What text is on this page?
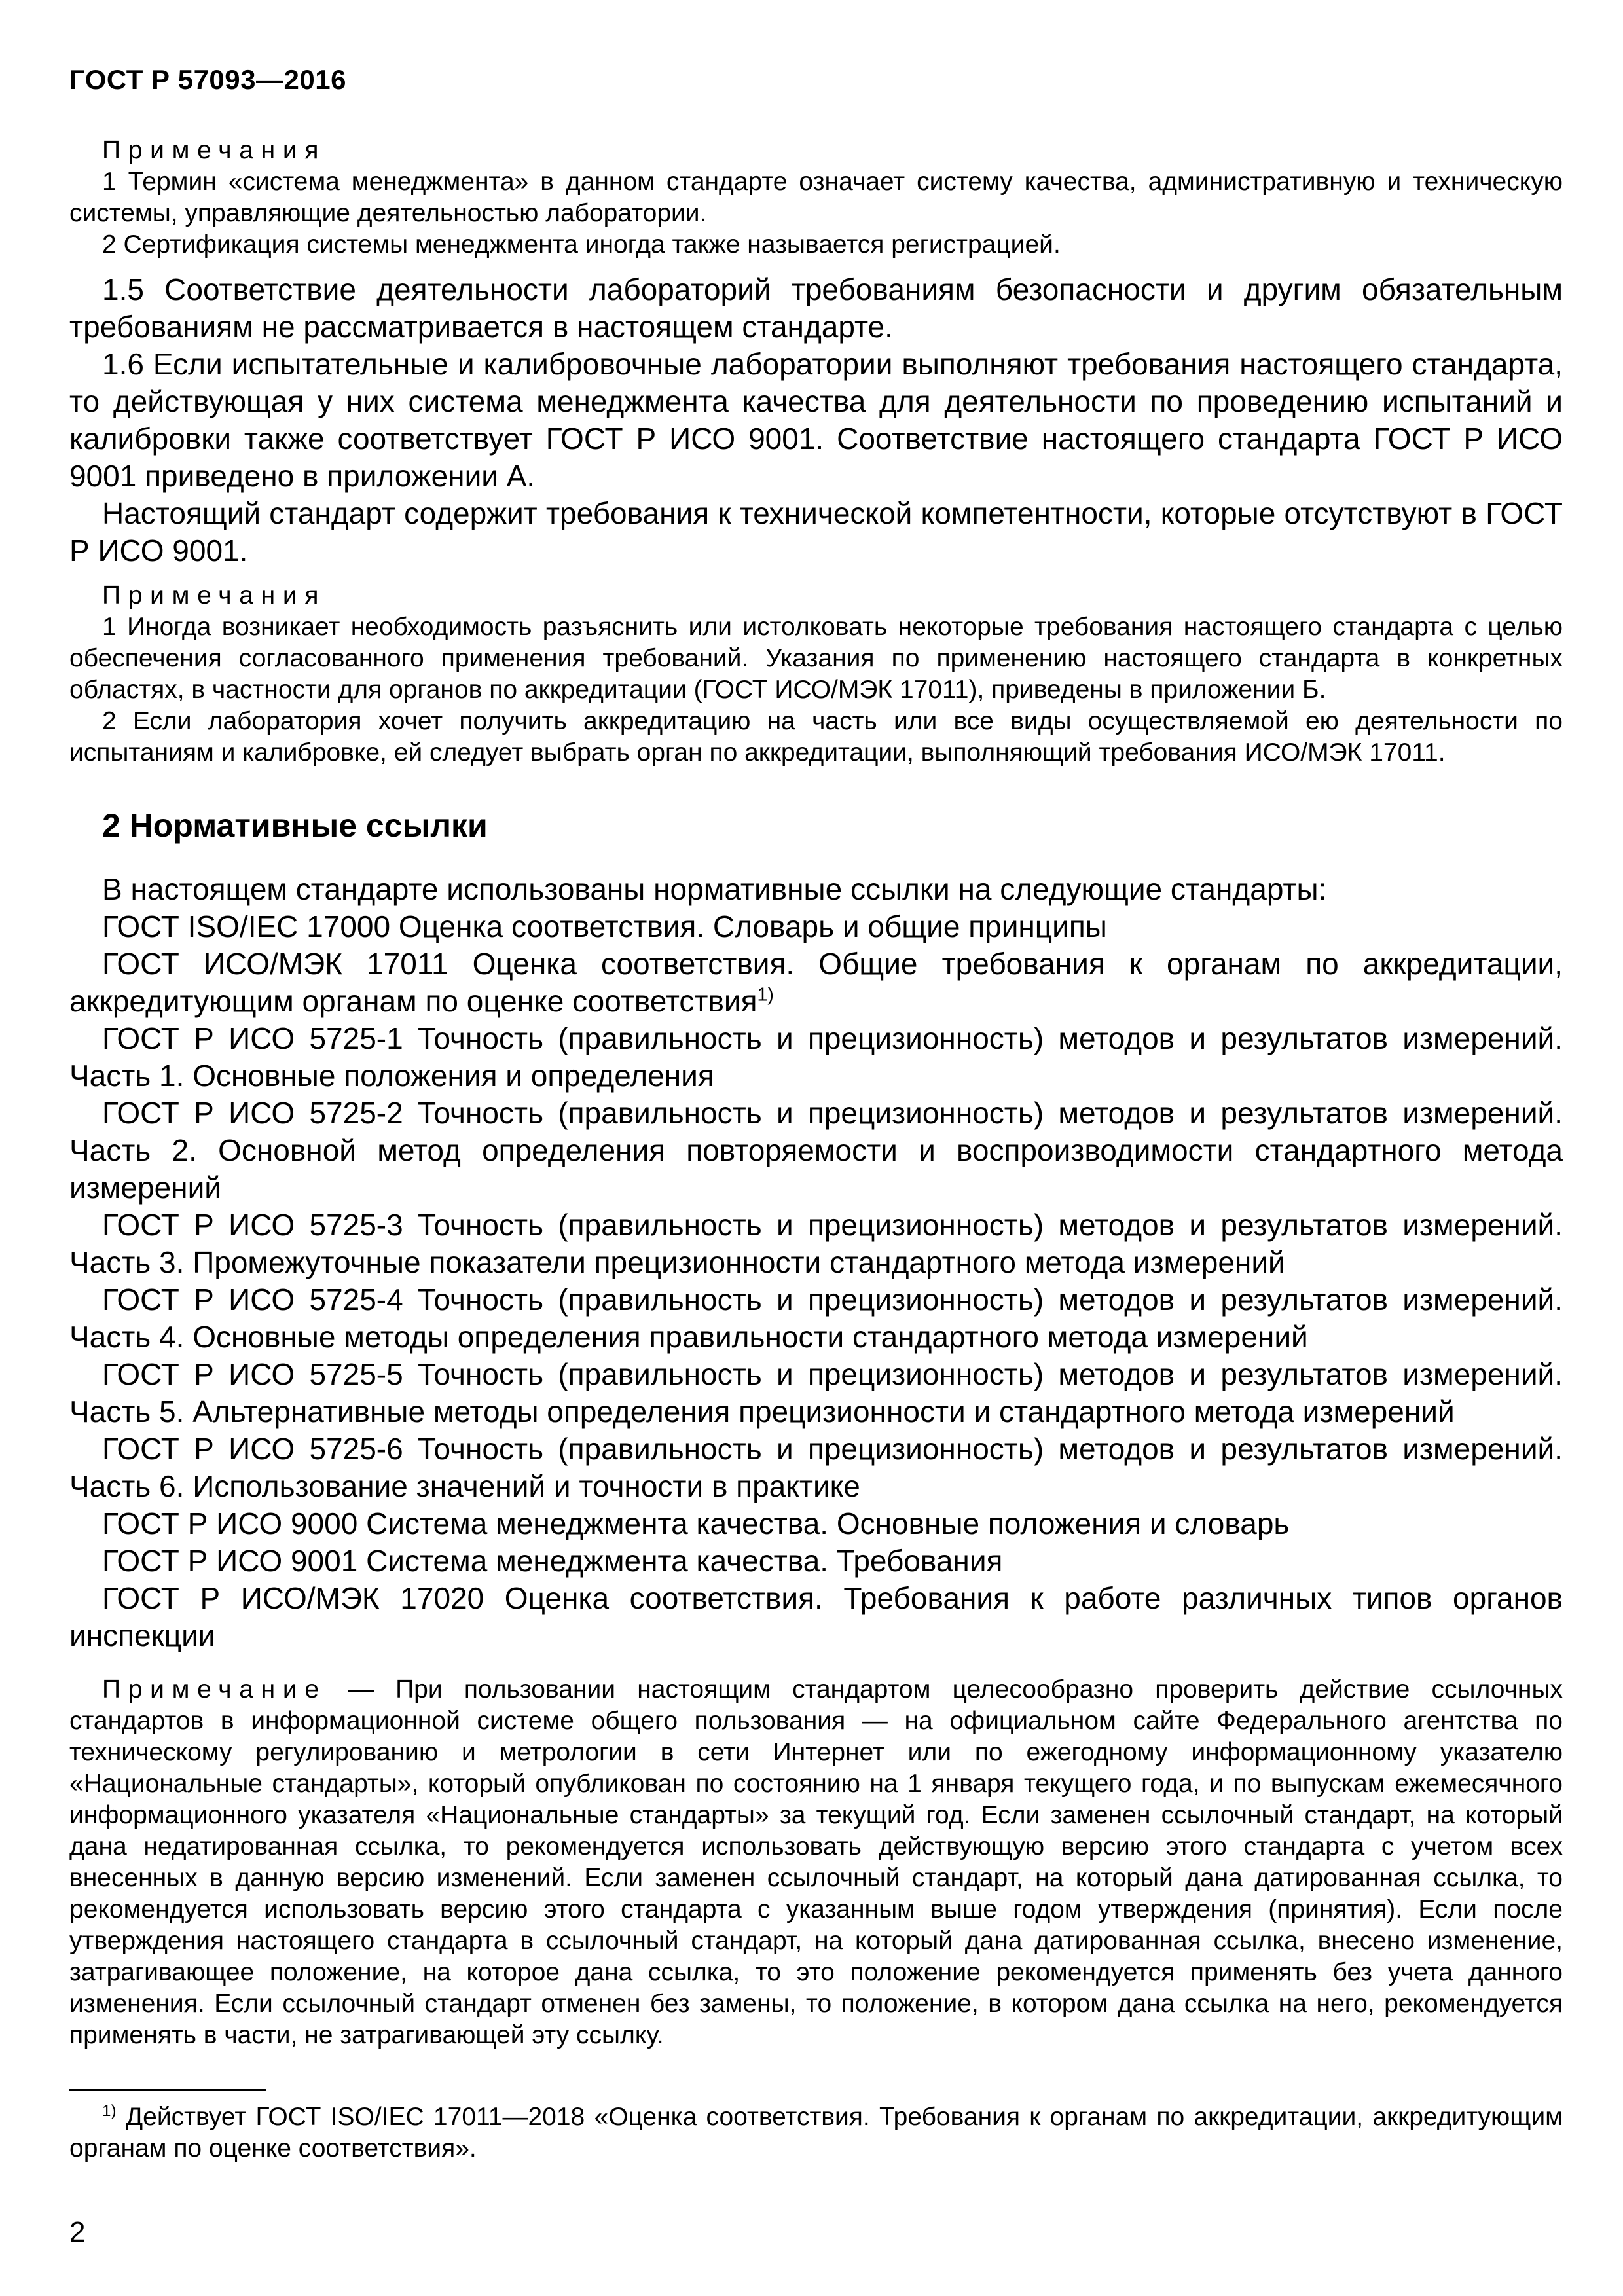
ГОСТ Р 57093—2016

Примечания

1 Термин «система менеджмента» в данном стандарте означает систему качества, административную и техническую системы, управляющие деятельностью лаборатории.

2 Сертификация системы менеджмента иногда также называется регистрацией.

1.5 Соответствие деятельности лабораторий требованиям безопасности и другим обязательным требованиям не рассматривается в настоящем стандарте.

1.6 Если испытательные и калибровочные лаборатории выполняют требования настоящего стандарта, то действующая у них система менеджмента качества для деятельности по проведению испытаний и калибровки также соответствует ГОСТ Р ИСО 9001. Соответствие настоящего стандарта ГОСТ Р ИСО 9001 приведено в приложении А.

Настоящий стандарт содержит требования к технической компетентности, которые отсутствуют в ГОСТ Р ИСО 9001.

Примечания

1 Иногда возникает необходимость разъяснить или истолковать некоторые требования настоящего стандарта с целью обеспечения согласованного применения требований. Указания по применению настоящего стандарта в конкретных областях, в частности для органов по аккредитации (ГОСТ ИСО/МЭК 17011), приведены в приложении Б.

2 Если лаборатория хочет получить аккредитацию на часть или все виды осуществляемой ею деятельности по испытаниям и калибровке, ей следует выбрать орган по аккредитации, выполняющий требования ИСО/МЭК 17011.

2 Нормативные ссылки

В настоящем стандарте использованы нормативные ссылки на следующие стандарты:

ГОСТ ISO/IEC 17000 Оценка соответствия. Словарь и общие принципы

ГОСТ ИСО/МЭК 17011 Оценка соответствия. Общие требования к органам по аккредитации, аккредитующим органам по оценке соответствия$^{1)}$

ГОСТ Р ИСО 5725-1 Точность (правильность и прецизионность) методов и результатов измерений. Часть 1. Основные положения и определения

ГОСТ Р ИСО 5725-2 Точность (правильность и прецизионность) методов и результатов измерений. Часть 2. Основной метод определения повторяемости и воспроизводимости стандартного метода измерений

ГОСТ Р ИСО 5725-3 Точность (правильность и прецизионность) методов и результатов измерений. Часть 3. Промежуточные показатели прецизионности стандартного метода измерений

ГОСТ Р ИСО 5725-4 Точность (правильность и прецизионность) методов и результатов измерений. Часть 4. Основные методы определения правильности стандартного метода измерений

ГОСТ Р ИСО 5725-5 Точность (правильность и прецизионность) методов и результатов измерений. Часть 5. Альтернативные методы определения прецизионности и стандартного метода измерений

ГОСТ Р ИСО 5725-6 Точность (правильность и прецизионность) методов и результатов измерений. Часть 6. Использование значений и точности в практике

ГОСТ Р ИСО 9000 Система менеджмента качества. Основные положения и словарь

ГОСТ Р ИСО 9001 Система менеджмента качества. Требования

ГОСТ Р ИСО/МЭК 17020 Оценка соответствия. Требования к работе различных типов органов инспекции

Примечание — При пользовании настоящим стандартом целесообразно проверить действие ссылочных стандартов в информационной системе общего пользования — на официальном сайте Федерального агентства по техническому регулированию и метрологии в сети Интернет или по ежегодному информационному указателю «Национальные стандарты», который опубликован по состоянию на 1 января текущего года, и по выпускам ежемесячного информационного указателя «Национальные стандарты» за текущий год. Если заменен ссылочный стандарт, на который дана недатированная ссылка, то рекомендуется использовать действующую версию этого стандарта с учетом всех внесенных в данную версию изменений. Если заменен ссылочный стандарт, на который дана датированная ссылка, то рекомендуется использовать версию этого стандарта с указанным выше годом утверждения (принятия). Если после утверждения настоящего стандарта в ссылочный стандарт, на который дана датированная ссылка, внесено изменение, затрагивающее положение, на которое дана ссылка, то это положение рекомендуется применять без учета данного изменения. Если ссылочный стандарт отменен без замены, то положение, в котором дана ссылка на него, рекомендуется применять в части, не затрагивающей эту ссылку.

$^{1)}$ Действует ГОСТ ISO/IEC 17011—2018 «Оценка соответствия. Требования к органам по аккредитации, аккредитующим органам по оценке соответствия».

2
